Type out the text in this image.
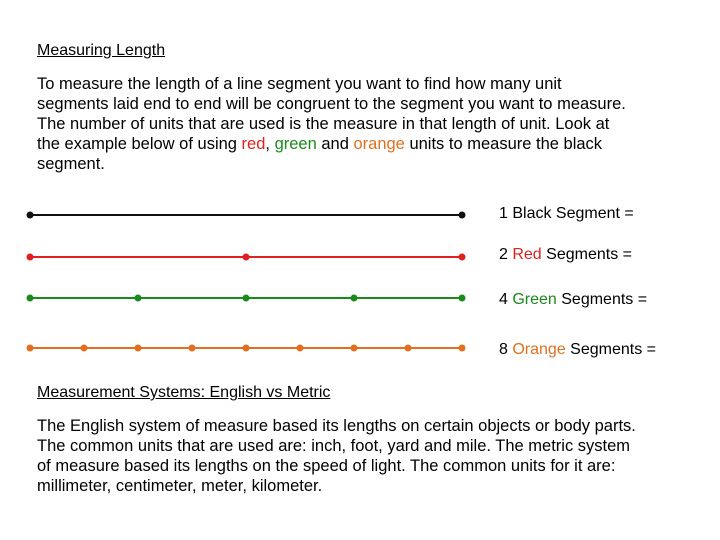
Measuring Length
To measure the length of a line segment you want to find how many unit
segments laid end to end will be congruent to the segment you want to measure.
The number of units that are used is the measure in that length of unit. Look at
the example below of using red, green and orange units to measure the black
segment.
1 Black Segment =
2 Red Segments =
4 Green Segments =
8 Orange Segments =
Measurement Systems: English vs Metric
The English system of measure based its lengths on certain objects or body parts.
The common units that are used are: inch, foot, yard and mile. The metric system
of measure based its lengths on the speed of light. The common units for it are:
millimeter, centimeter, meter, kilometer.
